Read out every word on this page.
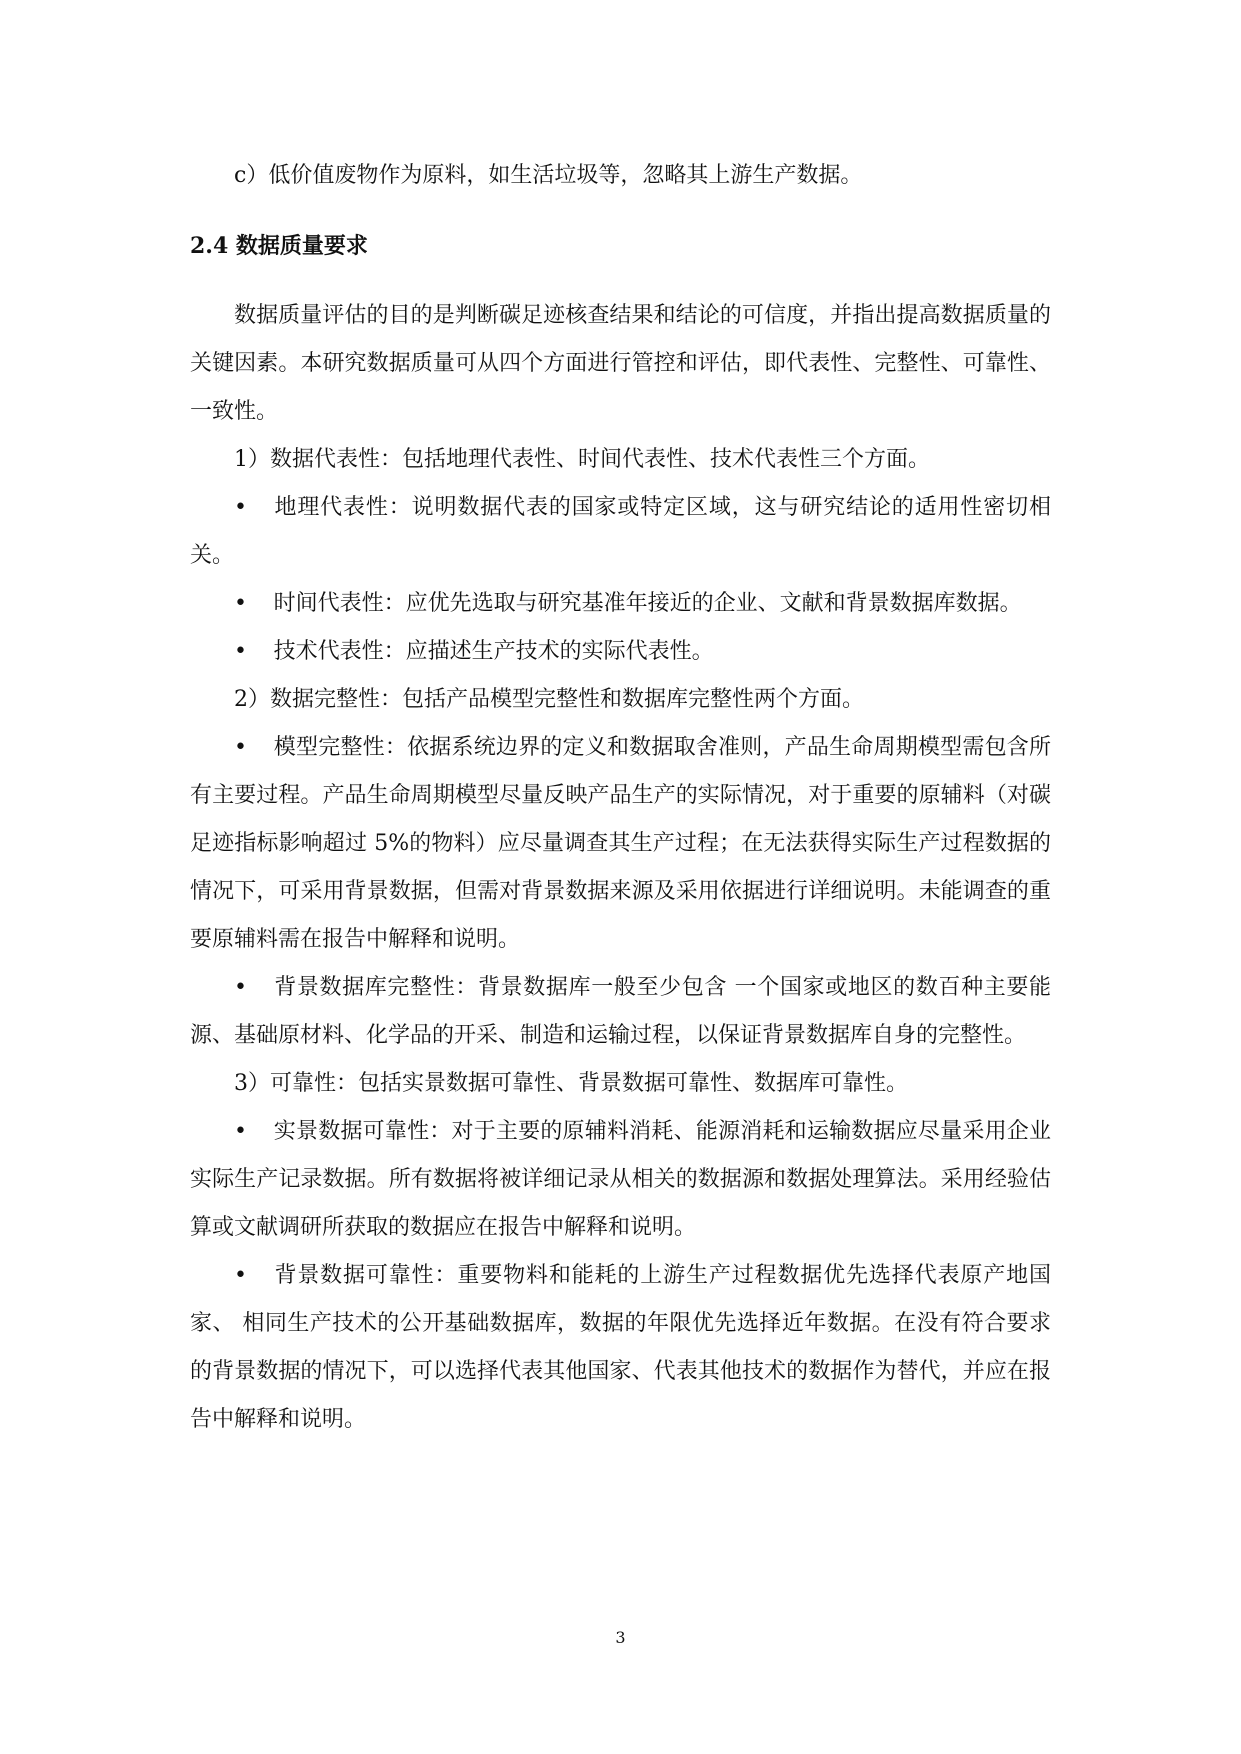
c）低价值废物作为原料，如生活垃圾等，忽略其上游生产数据。

2.4 数据质量要求

数据质量评估的目的是判断碳足迹核查结果和结论的可信度，并指出提高数据质量的关键因素。本研究数据质量可从四个方面进行管控和评估，即代表性、完整性、可靠性、一致性。

1）数据代表性：包括地理代表性、时间代表性、技术代表性三个方面。

• 地理代表性：说明数据代表的国家或特定区域，这与研究结论的适用性密切相关。

• 时间代表性：应优先选取与研究基准年接近的企业、文献和背景数据库数据。

• 技术代表性：应描述生产技术的实际代表性。

2）数据完整性：包括产品模型完整性和数据库完整性两个方面。

• 模型完整性：依据系统边界的定义和数据取舍准则，产品生命周期模型需包含所有主要过程。产品生命周期模型尽量反映产品生产的实际情况，对于重要的原辅料（对碳足迹指标影响超过 5%的物料）应尽量调查其生产过程；在无法获得实际生产过程数据的情况下，可采用背景数据，但需对背景数据来源及采用依据进行详细说明。未能调查的重要原辅料需在报告中解释和说明。

• 背景数据库完整性：背景数据库一般至少包含 一个国家或地区的数百种主要能源、基础原材料、化学品的开采、制造和运输过程，以保证背景数据库自身的完整性。

3）可靠性：包括实景数据可靠性、背景数据可靠性、数据库可靠性。

• 实景数据可靠性：对于主要的原辅料消耗、能源消耗和运输数据应尽量采用企业实际生产记录数据。所有数据将被详细记录从相关的数据源和数据处理算法。采用经验估算或文献调研所获取的数据应在报告中解释和说明。

• 背景数据可靠性：重要物料和能耗的上游生产过程数据优先选择代表原产地国家、 相同生产技术的公开基础数据库，数据的年限优先选择近年数据。在没有符合要求的背景数据的情况下，可以选择代表其他国家、代表其他技术的数据作为替代，并应在报告中解释和说明。

3
